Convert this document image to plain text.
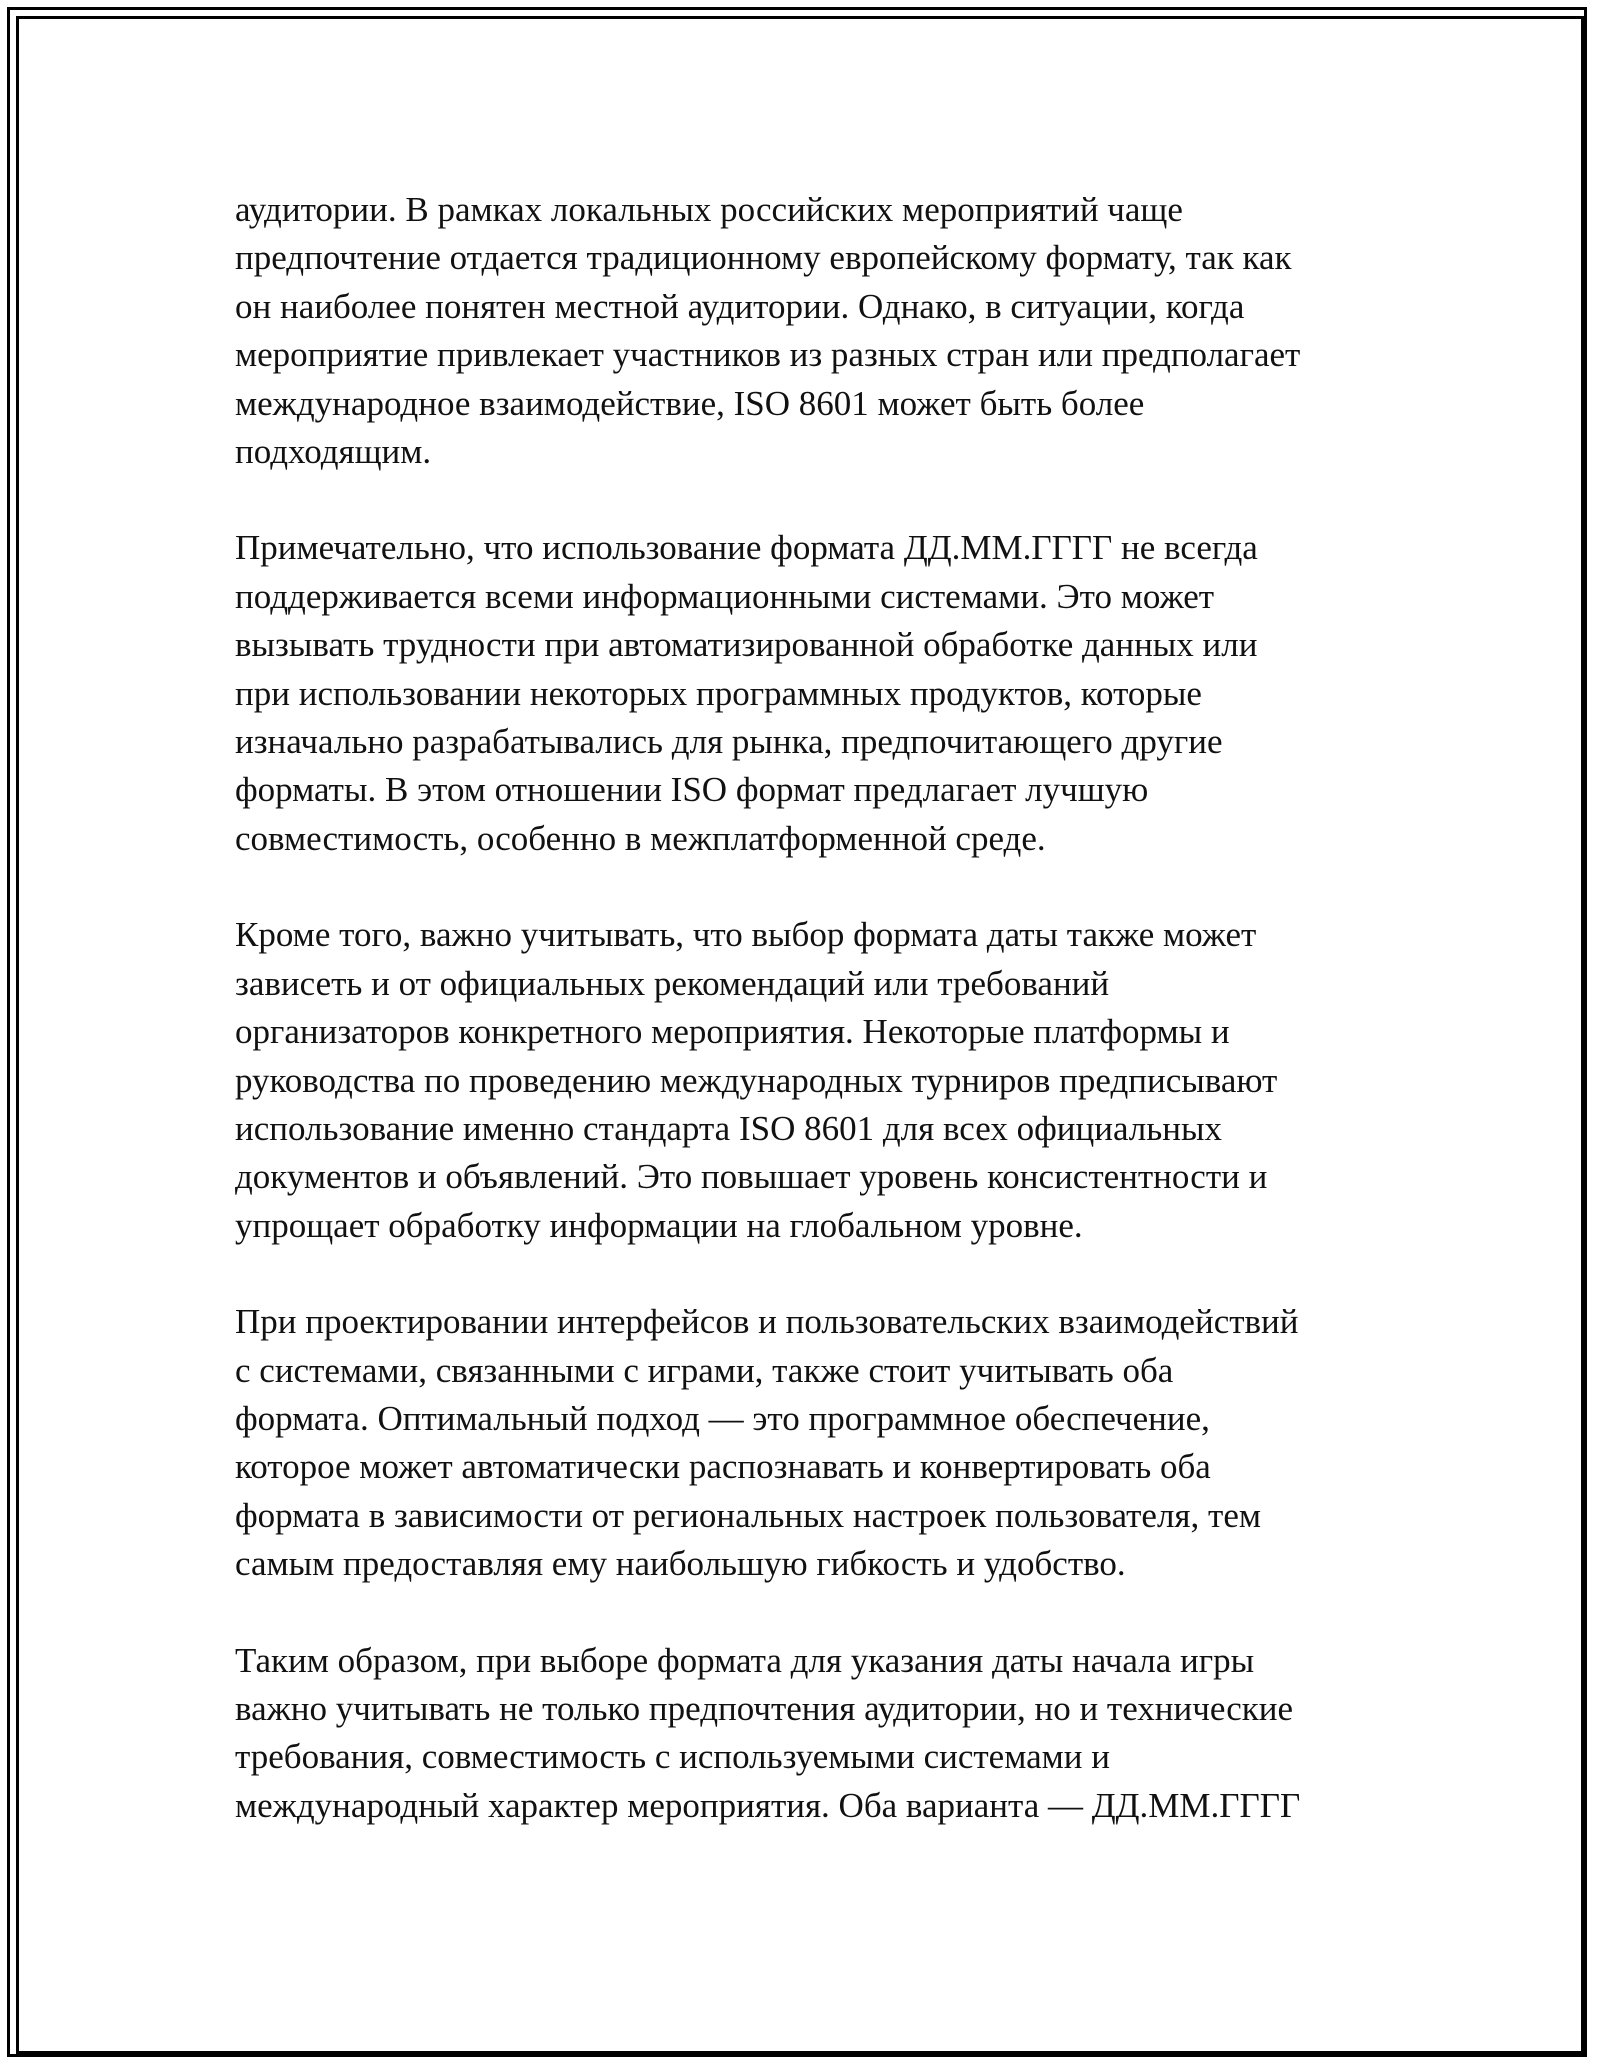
аудитории. В рамках локальных российских мероприятий чаще
предпочтение отдается традиционному европейскому формату, так как
он наиболее понятен местной аудитории. Однако, в ситуации, когда
мероприятие привлекает участников из разных стран или предполагает
международное взаимодействие, ISO 8601 может быть более
подходящим.

Примечательно, что использование формата ДД.ММ.ГГГГ не всегда
поддерживается всеми информационными системами. Это может
вызывать трудности при автоматизированной обработке данных или
при использовании некоторых программных продуктов, которые
изначально разрабатывались для рынка, предпочитающего другие
форматы. В этом отношении ISO формат предлагает лучшую
совместимость, особенно в межплатформенной среде.

Кроме того, важно учитывать, что выбор формата даты также может
зависеть и от официальных рекомендаций или требований
организаторов конкретного мероприятия. Некоторые платформы и
руководства по проведению международных турниров предписывают
использование именно стандарта ISO 8601 для всех официальных
документов и объявлений. Это повышает уровень консистентности и
упрощает обработку информации на глобальном уровне.

При проектировании интерфейсов и пользовательских взаимодействий
с системами, связанными с играми, также стоит учитывать оба
формата. Оптимальный подход — это программное обеспечение,
которое может автоматически распознавать и конвертировать оба
формата в зависимости от региональных настроек пользователя, тем
самым предоставляя ему наибольшую гибкость и удобство.

Таким образом, при выборе формата для указания даты начала игры
важно учитывать не только предпочтения аудитории, но и технические
требования, совместимость с используемыми системами и
международный характер мероприятия. Оба варианта — ДД.ММ.ГГГГ
